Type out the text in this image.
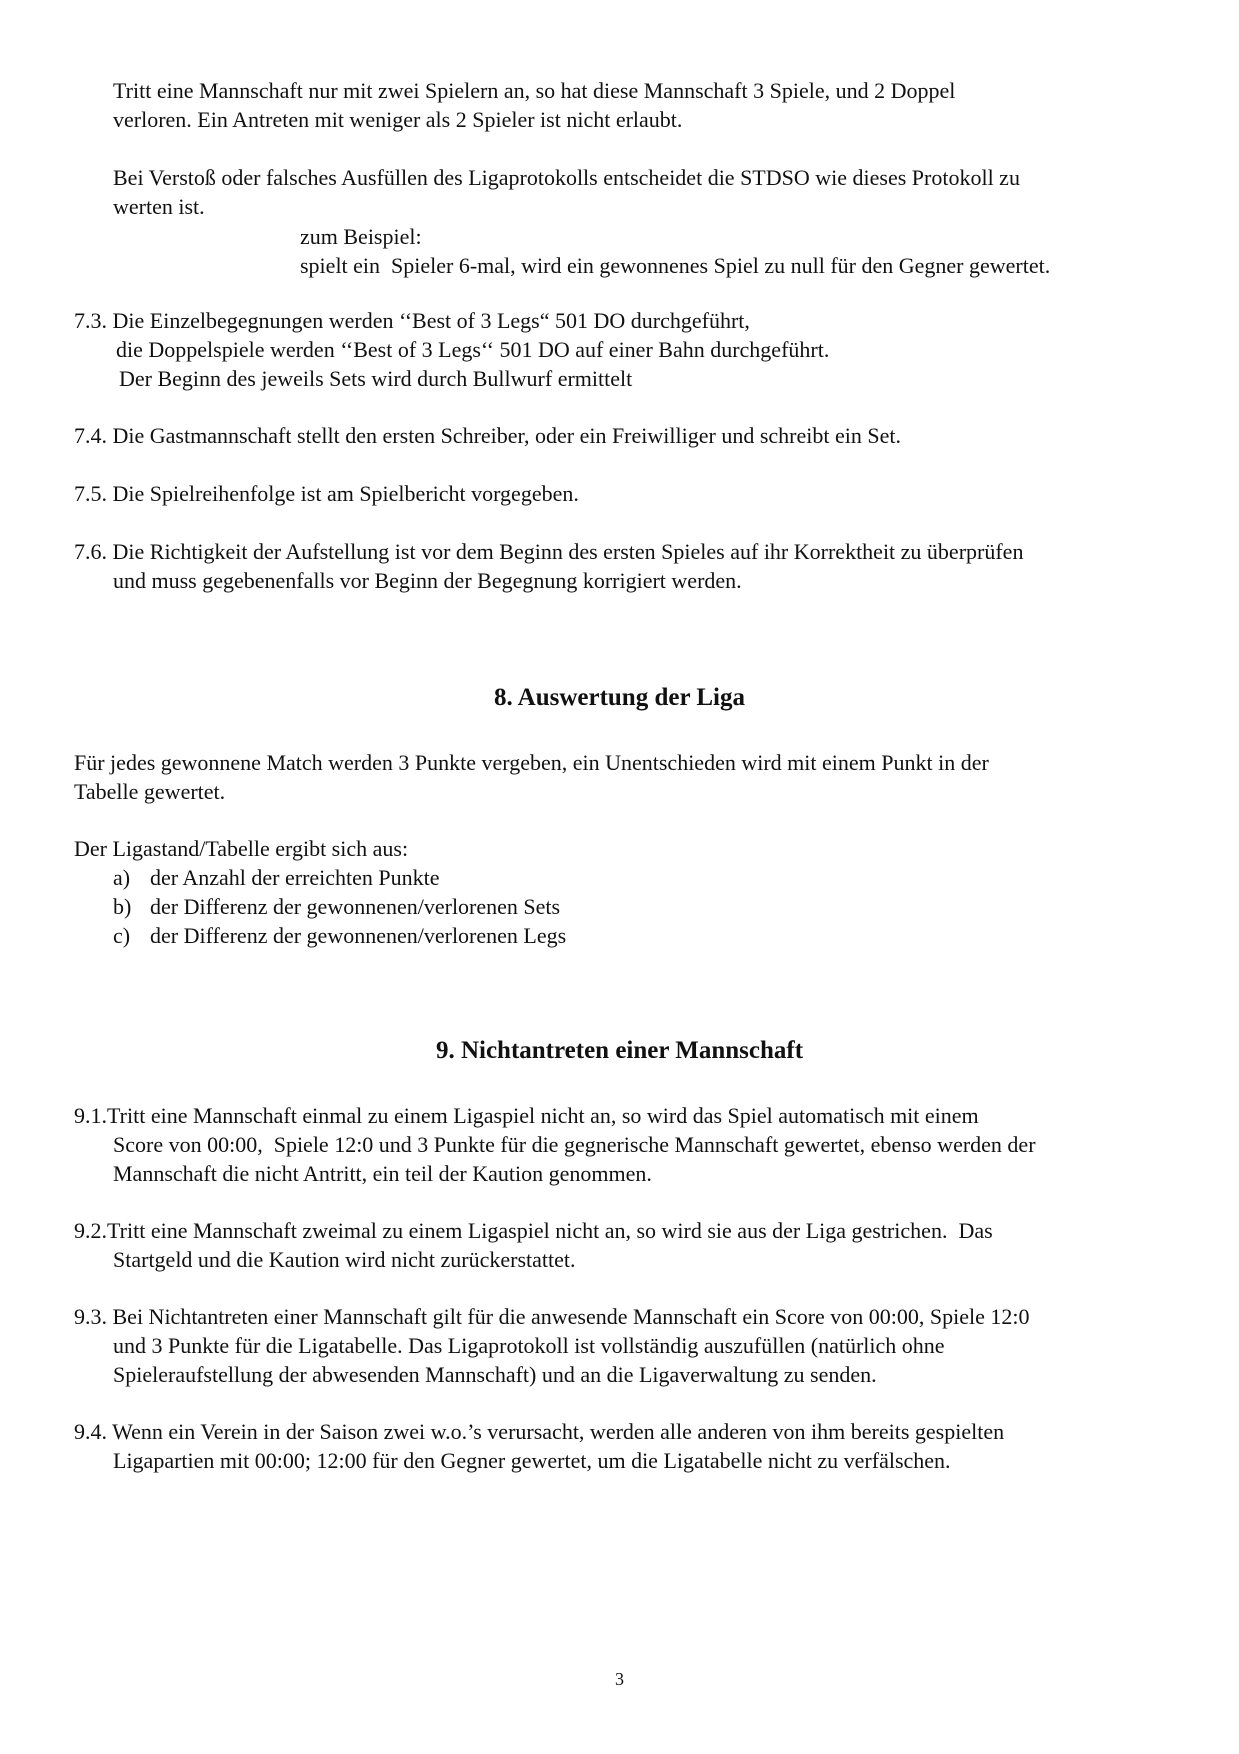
Tritt eine Mannschaft nur mit zwei Spielern an, so hat diese Mannschaft 3 Spiele, und 2 Doppel
verloren. Ein Antreten mit weniger als 2 Spieler ist nicht erlaubt.
Bei Verstoß oder falsches Ausfüllen des Ligaprotokolls entscheidet die STDSO wie dieses Protokoll zu
werten ist.
zum Beispiel:
spielt ein  Spieler 6-mal, wird ein gewonnenes Spiel zu null für den Gegner gewertet.
7.3. Die Einzelbegegnungen werden ‘‘Best of 3 Legs“ 501 DO durchgeführt,
die Doppelspiele werden ‘‘Best of 3 Legs‘‘ 501 DO auf einer Bahn durchgeführt.
Der Beginn des jeweils Sets wird durch Bullwurf ermittelt
7.4. Die Gastmannschaft stellt den ersten Schreiber, oder ein Freiwilliger und schreibt ein Set.
7.5. Die Spielreihenfolge ist am Spielbericht vorgegeben.
7.6. Die Richtigkeit der Aufstellung ist vor dem Beginn des ersten Spieles auf ihr Korrektheit zu überprüfen
und muss gegebenenfalls vor Beginn der Begegnung korrigiert werden.
8. Auswertung der Liga
Für jedes gewonnene Match werden 3 Punkte vergeben, ein Unentschieden wird mit einem Punkt in der
Tabelle gewertet.
Der Ligastand/Tabelle ergibt sich aus:
a) der Anzahl der erreichten Punkte
b) der Differenz der gewonnenen/verlorenen Sets
c) der Differenz der gewonnenen/verlorenen Legs
9. Nichtantreten einer Mannschaft
9.1.Tritt eine Mannschaft einmal zu einem Ligaspiel nicht an, so wird das Spiel automatisch mit einem
Score von 00:00,  Spiele 12:0 und 3 Punkte für die gegnerische Mannschaft gewertet, ebenso werden der
Mannschaft die nicht Antritt, ein teil der Kaution genommen.
9.2.Tritt eine Mannschaft zweimal zu einem Ligaspiel nicht an, so wird sie aus der Liga gestrichen.  Das
Startgeld und die Kaution wird nicht zurückerstattet.
9.3. Bei Nichtantreten einer Mannschaft gilt für die anwesende Mannschaft ein Score von 00:00, Spiele 12:0
und 3 Punkte für die Ligatabelle. Das Ligaprotokoll ist vollständig auszufüllen (natürlich ohne
Spieleraufstellung der abwesenden Mannschaft) und an die Ligaverwaltung zu senden.
9.4. Wenn ein Verein in der Saison zwei w.o.’s verursacht, werden alle anderen von ihm bereits gespielten
Ligapartien mit 00:00; 12:00 für den Gegner gewertet, um die Ligatabelle nicht zu verfälschen.
3
